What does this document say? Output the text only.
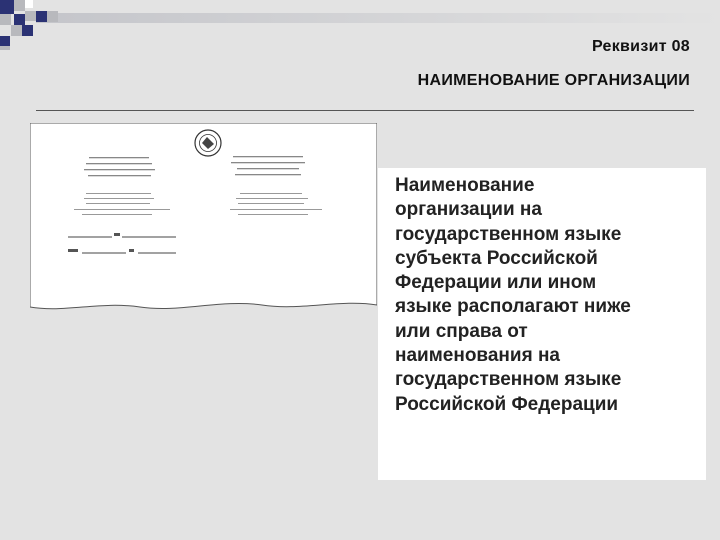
Реквизит 08
НАИМЕНОВАНИЕ ОРГАНИЗАЦИИ

Наименование
организации на
государственном языке
субъекта Российской
Федерации или ином
языке располагают ниже
или справа от
наименования на
государственном языке
Российской Федерации
